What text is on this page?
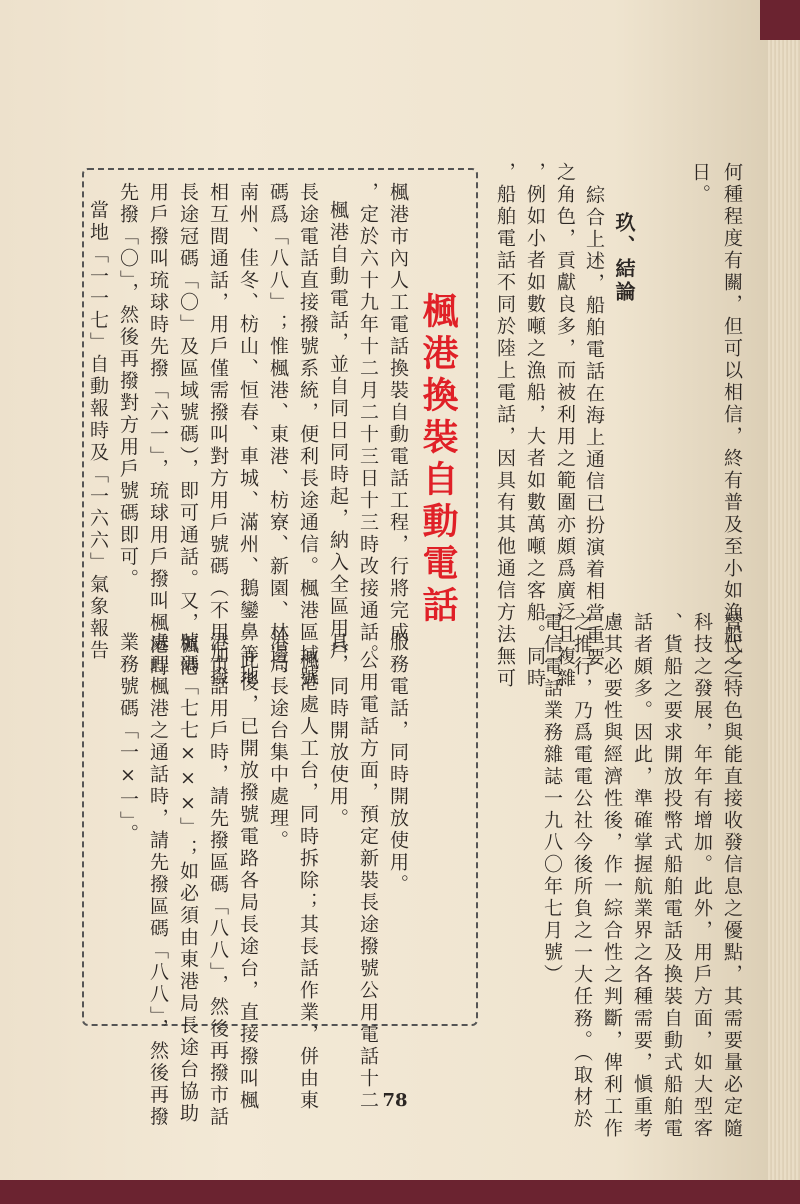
何種程度有關，但可以相信，終有普及至小如漁船之一
日。
玖、結論
綜合上述，船舶電話在海上通信已扮演着相當重要
之角色，貢獻良多，而被利用之範圍亦頗爲廣泛且複雜
，例如小者如數噸之漁船，大者如數萬噸之客船。同時
，船舶電話不同於陸上電話，因具有其他通信方法無可
替代之特色與能直接收發信息之優點，其需要量必定隨
科技之發展，年年有增加。此外，用戶方面，如大型客
、貨船之要求開放投幣式船舶電話及換裝自動式船舶電
話者頗多。因此，準確掌握航業界之各種需要，愼重考
慮其必要性與經濟性後，作一綜合性之判斷，俾利工作
之推行，乃爲電電公社今後所負之一大任務。（取材於
電信電話業務雜誌一九八〇年七月號）
楓港換裝自動電話
楓港市內人工電話換裝自動電話工程，行將完成
，定於六十九年十二月二十三日十三時改接通話。
楓港自動電話，並自同日同時起，納入全區用戶
長途電話直接撥號系統，便利長途通信。楓港區域號
碼爲「八八」；惟楓港、東港、枋寮、新園、林邊、
南州、佳冬、枋山、恒春、車城、滿州、鵝鑾鼻等地
相互間通話，用戶僅需撥叫對方用戶號碼（不用加撥
長途冠碼「〇」及區域號碼），即可通話。又，楓港
用戶撥叫琉球時先撥「六一」，琉球用戶撥叫楓港時
先撥「〇」，然後再撥對方用戶號碼即可。
當地「一一七」自動報時及「一六六」氣象報告
服務電話，同時開放使用。
公用電話方面，預定新裝長途撥號公用電話十二
具，同時開放使用。
楓港處人工台，同時拆除；其長話作業，併由東
港局長途台集中處理。
此後，已開放撥號電路各局長途台，直接撥叫楓
港市話用戶時，請先撥區碼「八八」，然後再撥市話
號碼「七七×××」；如必須由東港局長途台協助
處理楓港之通話時，請先撥區碼「八八」，然後再撥
業務號碼「一×一」。
78
